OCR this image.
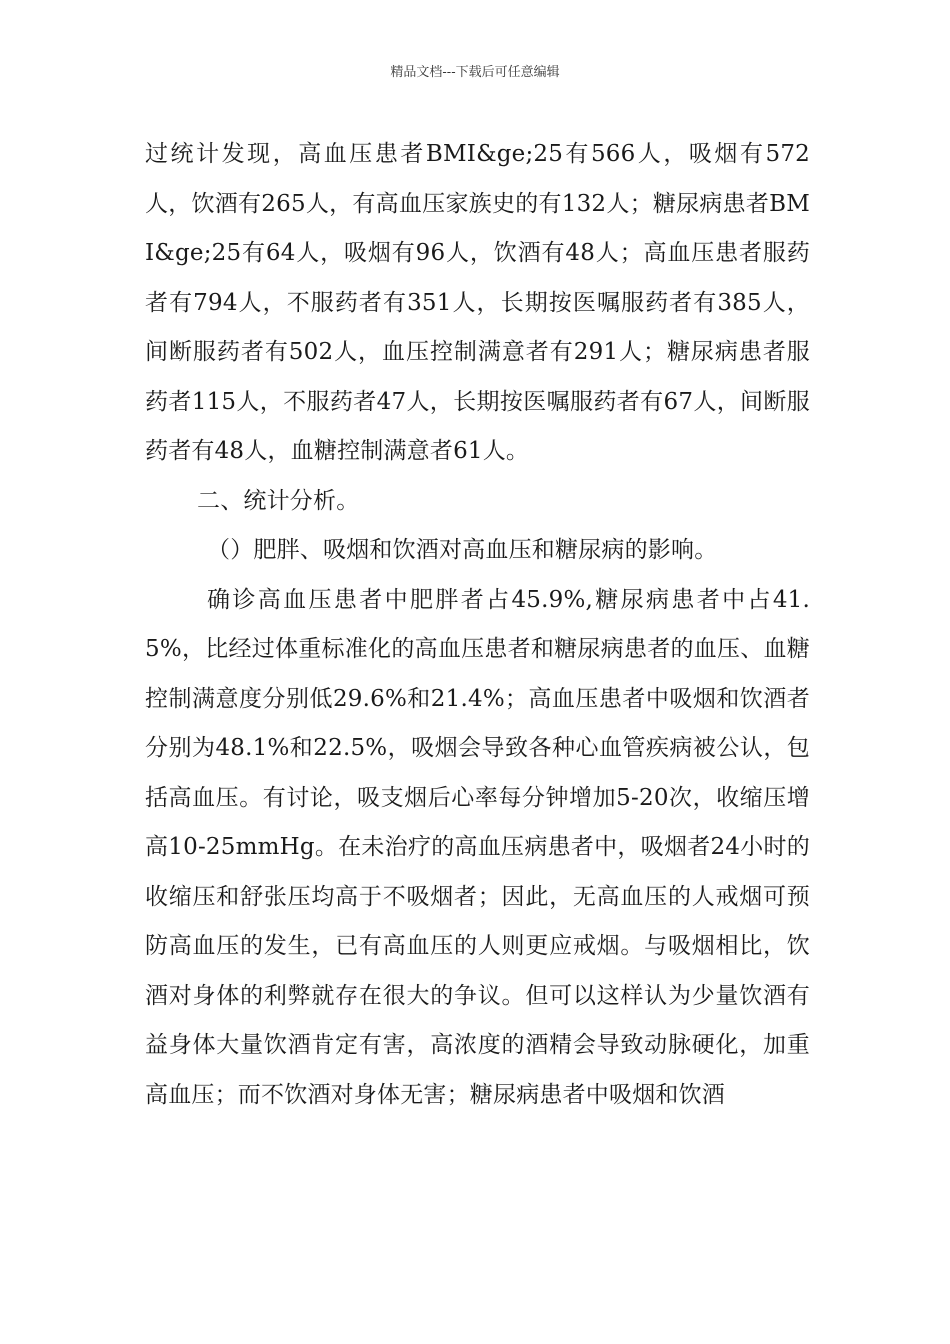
精品文档---下载后可任意编辑

过统计发现，高血压患者BMI&ge;25有566人，吸烟有572人，饮酒有265人，有高血压家族史的有132人；糖尿病患者BMI&ge;25有64人，吸烟有96人，饮酒有48人；高血压患者服药者有794人，不服药者有351人，长期按医嘱服药者有385人，间断服药者有502人，血压控制满意者有291人；糖尿病患者服药者115人，不服药者47人，长期按医嘱服药者有67人，间断服药者有48人，血糖控制满意者61人。

二、统计分析。

（）肥胖、吸烟和饮酒对高血压和糖尿病的影响。

确诊高血压患者中肥胖者占45.9%,糖尿病患者中占41.5%，比经过体重标准化的高血压患者和糖尿病患者的血压、血糖控制满意度分别低29.6%和21.4%；高血压患者中吸烟和饮酒者分别为48.1%和22.5%，吸烟会导致各种心血管疾病被公认，包括高血压。有讨论，吸支烟后心率每分钟增加5-20次，收缩压增高10-25mmHg。在未治疗的高血压病患者中，吸烟者24小时的收缩压和舒张压均高于不吸烟者；因此，无高血压的人戒烟可预防高血压的发生，已有高血压的人则更应戒烟。与吸烟相比，饮酒对身体的利弊就存在很大的争议。但可以这样认为少量饮酒有益身体大量饮酒肯定有害，高浓度的酒精会导致动脉硬化，加重高血压；而不饮酒对身体无害；糖尿病患者中吸烟和饮酒
